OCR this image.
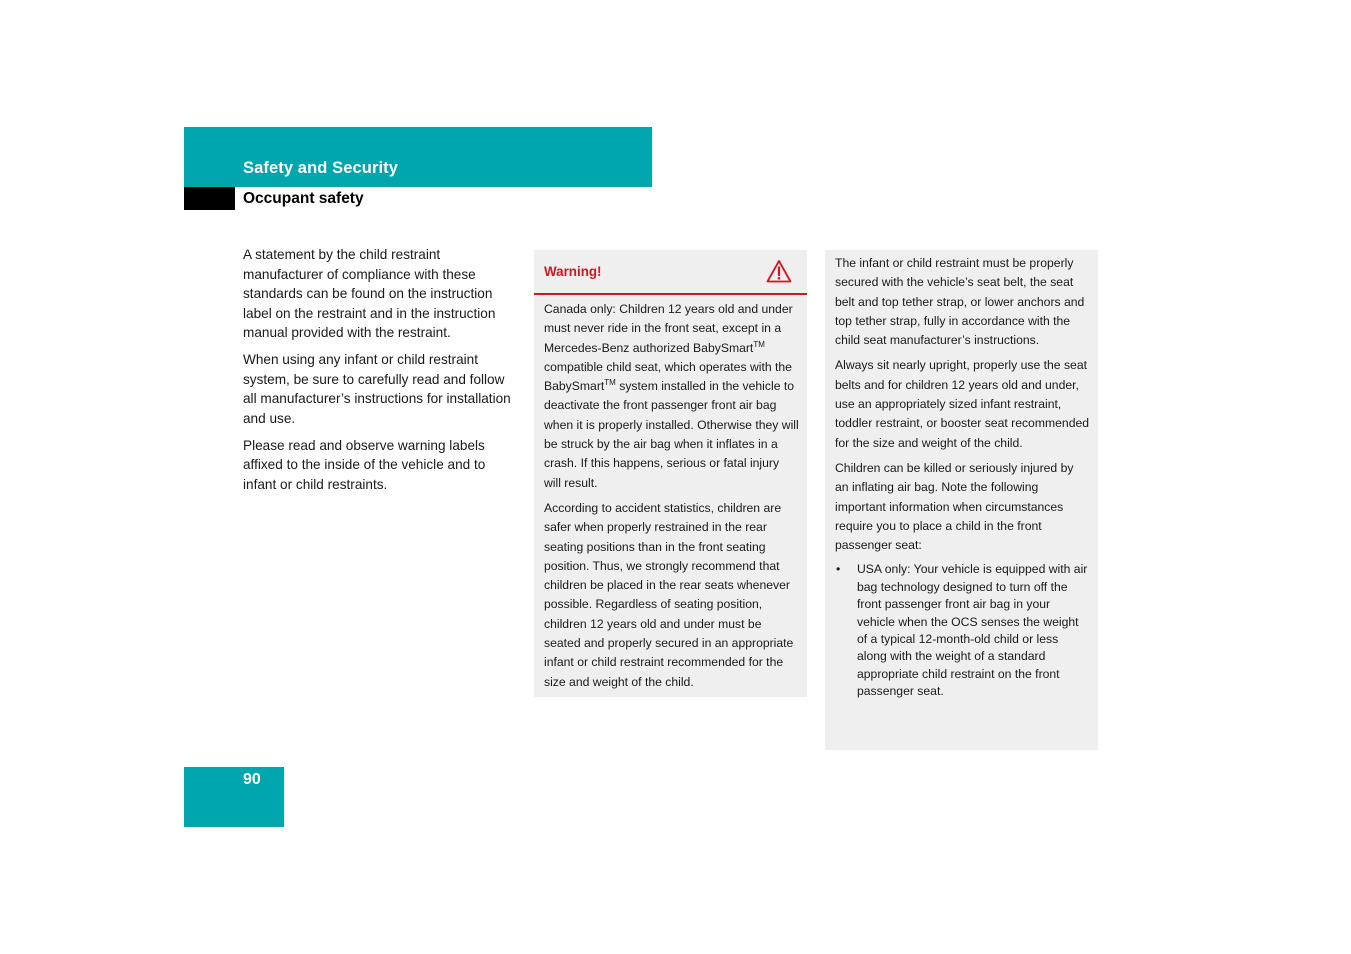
Safety and Security
Occupant safety

A statement by the child restraint manufacturer of compliance with these standards can be found on the instruction label on the restraint and in the instruction manual provided with the restraint.

When using any infant or child restraint system, be sure to carefully read and follow all manufacturer’s instructions for installation and use.

Please read and observe warning labels affixed to the inside of the vehicle and to infant or child restraints.

Warning!

Canada only: Children 12 years old and under must never ride in the front seat, except in a Mercedes-Benz authorized BabySmart™ compatible child seat, which operates with the BabySmart™ system installed in the vehicle to deactivate the front passenger front air bag when it is properly installed. Otherwise they will be struck by the air bag when it inflates in a crash. If this happens, serious or fatal injury will result.

According to accident statistics, children are safer when properly restrained in the rear seating positions than in the front seating position. Thus, we strongly recommend that children be placed in the rear seats whenever possible. Regardless of seating position, children 12 years old and under must be seated and properly secured in an appropriate infant or child restraint recommended for the size and weight of the child.

The infant or child restraint must be properly secured with the vehicle’s seat belt, the seat belt and top tether strap, or lower anchors and top tether strap, fully in accordance with the child seat manufacturer’s instructions.

Always sit nearly upright, properly use the seat belts and for children 12 years old and under, use an appropriately sized infant restraint, toddler restraint, or booster seat recommended for the size and weight of the child.

Children can be killed or seriously injured by an inflating air bag. Note the following important information when circumstances require you to place a child in the front passenger seat:

• USA only: Your vehicle is equipped with air bag technology designed to turn off the front passenger front air bag in your vehicle when the OCS senses the weight of a typical 12-month-old child or less along with the weight of a standard appropriate child restraint on the front passenger seat.
90
